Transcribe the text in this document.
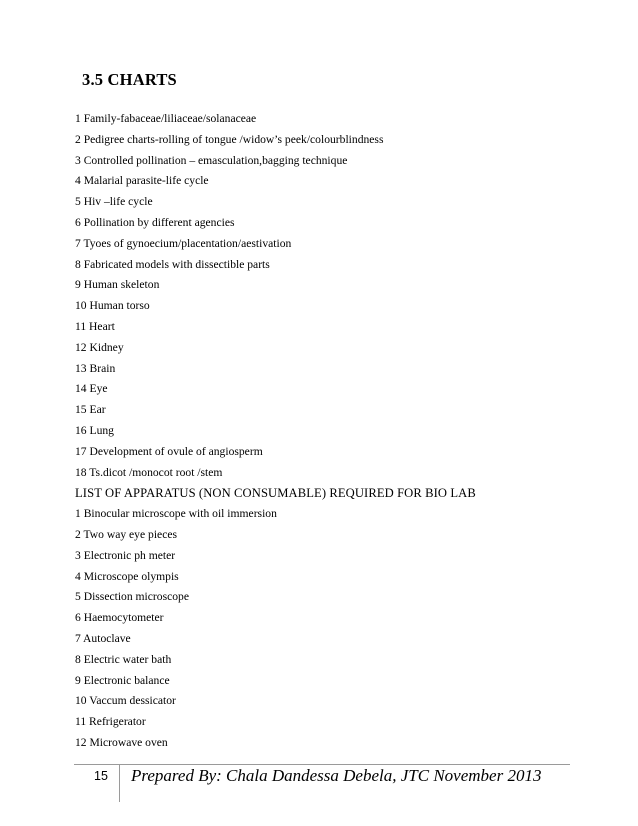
3.5 CHARTS
1 Family-fabaceae/liliaceae/solanaceae
2 Pedigree charts-rolling of tongue /widow’s peek/colourblindness
3 Controlled pollination – emasculation,bagging technique
4 Malarial parasite-life cycle
5 Hiv –life cycle
6 Pollination by different agencies
7 Tyoes of gynoecium/placentation/aestivation
8 Fabricated models with dissectible parts
9 Human skeleton
10 Human torso
11 Heart
12 Kidney
13 Brain
14 Eye
15 Ear
16 Lung
17 Development of ovule of angiosperm
18 Ts.dicot /monocot root /stem
LIST OF APPARATUS (NON CONSUMABLE) REQUIRED FOR BIO LAB
1 Binocular microscope with oil immersion
2 Two way eye pieces
3 Electronic ph meter
4 Microscope olympis
5 Dissection microscope
6 Haemocytometer
7 Autoclave
8 Electric water bath
9 Electronic balance
10 Vaccum dessicator
11 Refrigerator
12 Microwave oven
15 Prepared By: Chala Dandessa Debela, JTC November 2013
